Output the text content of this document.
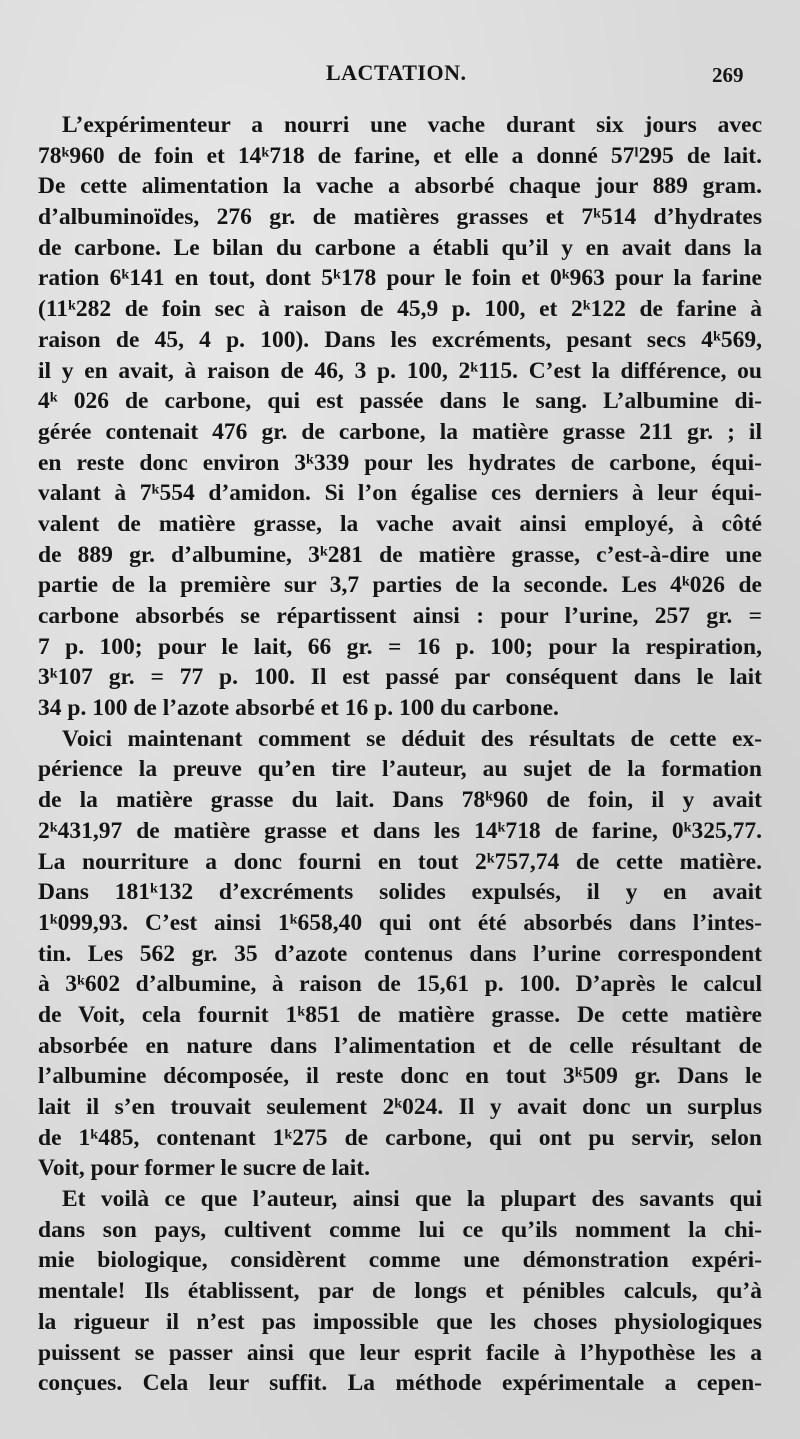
LACTATION.	269
L’expérimenteur a nourri une vache durant six jours avec
78ᵏ960 de foin et 14ᵏ718 de farine, et elle a donné 57ˡ295 de lait.
De cette alimentation la vache a absorbé chaque jour 889 gram.
d’albuminoïdes, 276 gr. de matières grasses et 7ᵏ514 d’hydrates
de carbone. Le bilan du carbone a établi qu’il y en avait dans la
ration 6ᵏ141 en tout, dont 5ᵏ178 pour le foin et 0ᵏ963 pour la farine
(11ᵏ282 de foin sec à raison de 45,9 p. 100, et 2ᵏ122 de farine à
raison de 45, 4 p. 100). Dans les excréments, pesant secs 4ᵏ569,
il y en avait, à raison de 46, 3 p. 100, 2ᵏ115. C’est la différence, ou
4ᵏ 026 de carbone, qui est passée dans le sang. L’albumine di-
gérée contenait 476 gr. de carbone, la matière grasse 211 gr. ; il
en reste donc environ 3ᵏ339 pour les hydrates de carbone, équi-
valant à 7ᵏ554 d’amidon. Si l’on égalise ces derniers à leur équi-
valent de matière grasse, la vache avait ainsi employé, à côté
de 889 gr. d’albumine, 3ᵏ281 de matière grasse, c’est-à-dire une
partie de la première sur 3,7 parties de la seconde. Les 4ᵏ026 de
carbone absorbés se répartissent ainsi : pour l’urine, 257 gr. =
7 p. 100; pour le lait, 66 gr. = 16 p. 100; pour la respiration,
3ᵏ107 gr. = 77 p. 100. Il est passé par conséquent dans le lait
34 p. 100 de l’azote absorbé et 16 p. 100 du carbone.
Voici maintenant comment se déduit des résultats de cette ex-
périence la preuve qu’en tire l’auteur, au sujet de la formation
de la matière grasse du lait. Dans 78ᵏ960 de foin, il y avait
2ᵏ431,97 de matière grasse et dans les 14ᵏ718 de farine, 0ᵏ325,77.
La nourriture a donc fourni en tout 2ᵏ757,74 de cette matière.
Dans 181ᵏ132 d’excréments solides expulsés, il y en avait
1ᵏ099,93. C’est ainsi 1ᵏ658,40 qui ont été absorbés dans l’intes-
tin. Les 562 gr. 35 d’azote contenus dans l’urine correspondent
à 3ᵏ602 d’albumine, à raison de 15,61 p. 100. D’après le calcul
de Voit, cela fournit 1ᵏ851 de matière grasse. De cette matière
absorbée en nature dans l’alimentation et de celle résultant de
l’albumine décomposée, il reste donc en tout 3ᵏ509 gr. Dans le
lait il s’en trouvait seulement 2ᵏ024. Il y avait donc un surplus
de 1ᵏ485, contenant 1ᵏ275 de carbone, qui ont pu servir, selon
Voit, pour former le sucre de lait.
Et voilà ce que l’auteur, ainsi que la plupart des savants qui
dans son pays, cultivent comme lui ce qu’ils nomment la chi-
mie biologique, considèrent comme une démonstration expéri-
mentale! Ils établissent, par de longs et pénibles calculs, qu’à
la rigueur il n’est pas impossible que les choses physiologiques
puissent se passer ainsi que leur esprit facile à l’hypothèse les a
conçues. Cela leur suffit. La méthode expérimentale a cepen-
